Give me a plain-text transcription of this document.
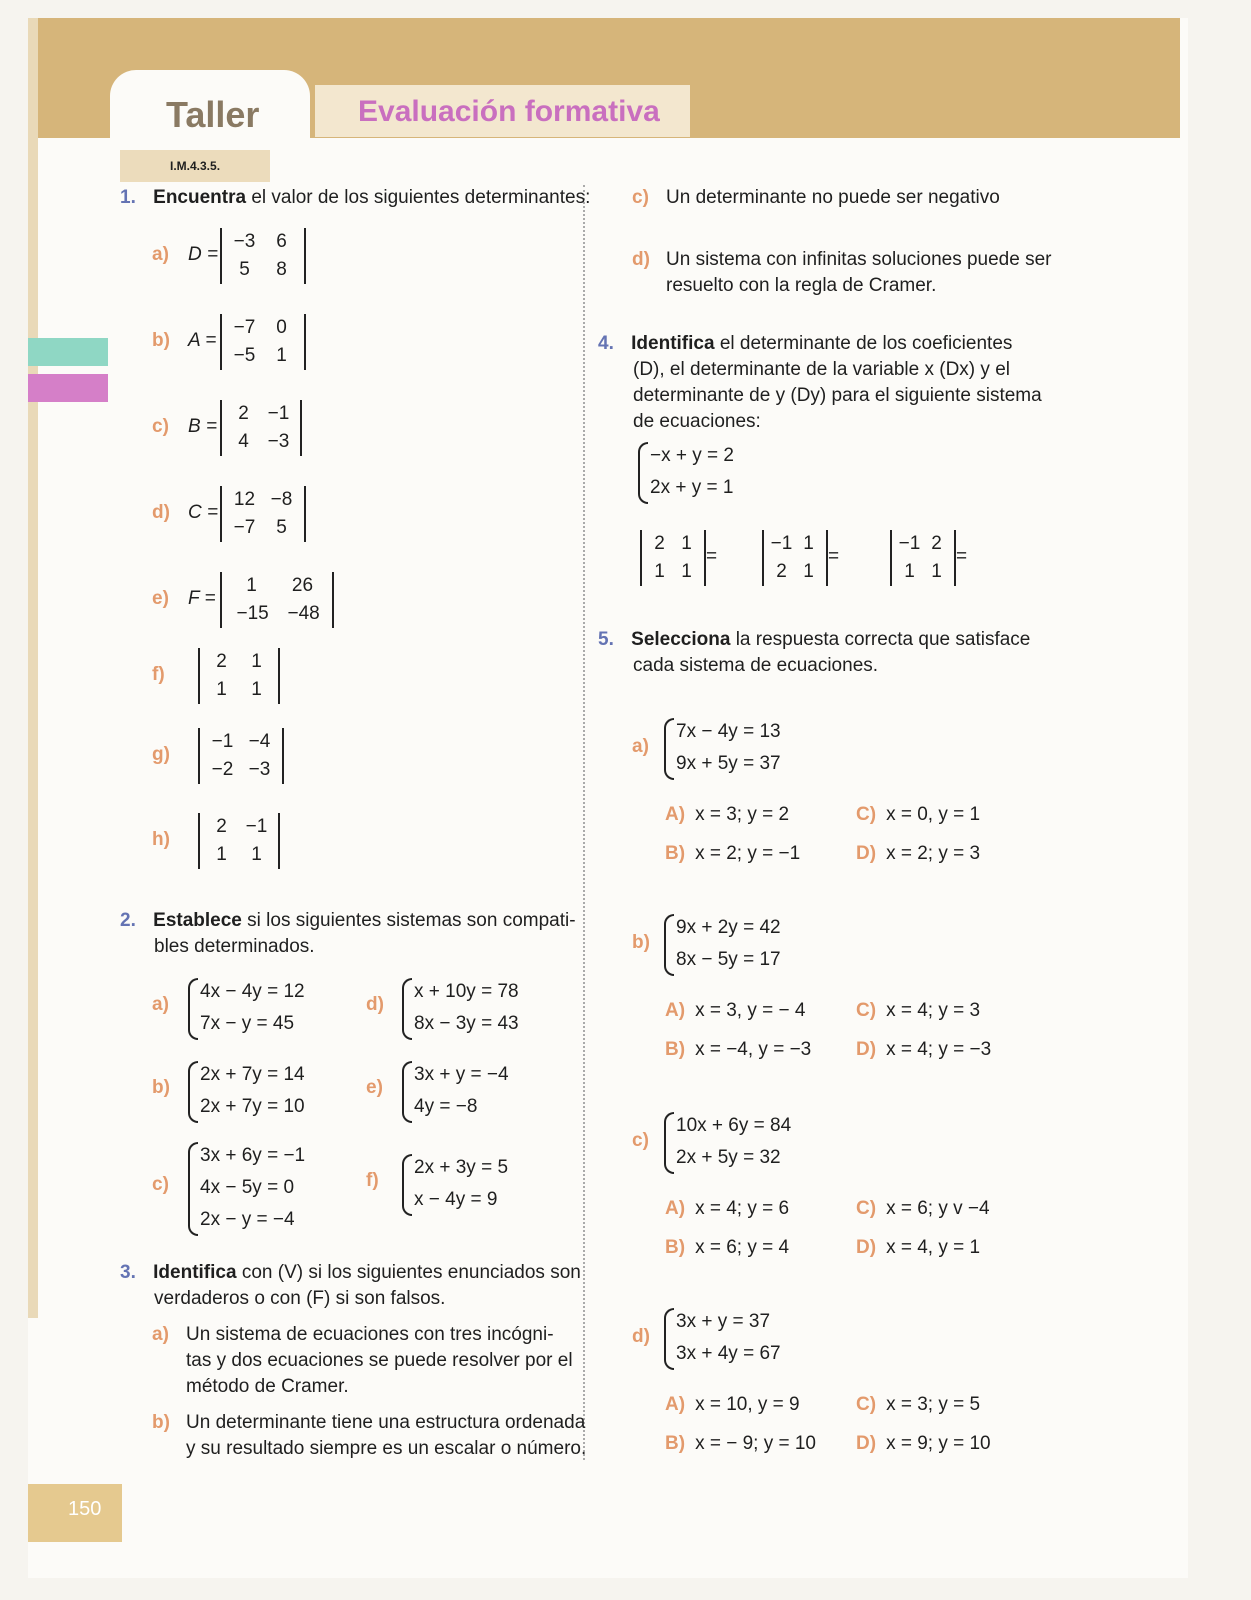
Taller	Evaluación formativa
I.M.4.3.5.
150
1. Encuentra el valor de los siguientes determinantes:
a) D =
−3	6
5	8
b) A =
−7	0
−5	1
c) B =
2 −1
4 −3
d) C =
12 −8
−7	5
e) F =
1	26
−15 −48
f)
2	1
1	1
g)
−1 −4
−2 −3
h)
2 −1
1	1
2. Establece si los siguientes sistemas son compati-
bles determinados.
a)
4x − 4y = 12
7x − y = 45
d)
x + 10y = 78
8x − 3y = 43
b)
2x + 7y = 14
2x + 7y = 10
e)
3x + y = −4
4y = −8
c)
3x + 6y = −1
4x − 5y = 0
2x − y = −4
f)
2x + 3y = 5
x − 4y = 9
3. Identifica con (V) si los siguientes enunciados son
verdaderos o con (F) si son falsos.
a) Un sistema de ecuaciones con tres incógni-
tas y dos ecuaciones se puede resolver por el
método de Cramer.
b) Un determinante tiene una estructura ordenada
y su resultado siempre es un escalar o número.
c) Un determinante no puede ser negativo
d) Un sistema con infinitas soluciones puede ser
resuelto con la regla de Cramer.
4. Identifica el determinante de los coeficientes
(D), el determinante de la variable x (Dx) y el
determinante de y (Dy) para el siguiente sistema
de ecuaciones:
−x + y = 2
2x + y = 1
2 1
1 1
=
−1 1
2 1
=
−1 2
1 1
=
5. Selecciona la respuesta correcta que satisface
cada sistema de ecuaciones.
a)
7x − 4y = 13
9x + 5y = 37
A) x = 3; y = 2	C) x = 0, y = 1
B) x = 2; y = −1	D) x = 2; y = 3
b)
9x + 2y = 42
8x − 5y = 17
A) x = 3, y = − 4	C) x = 4; y = 3
B) x = −4, y = −3 D) x = 4; y = −3
c)
10x + 6y = 84
2x + 5y = 32
A) x = 4; y = 6	C) x = 6; y v −4
B) x = 6; y = 4	D) x = 4, y = 1
d)
3x + y = 37
3x + 4y = 67
A) x = 10, y = 9	C) x = 3; y = 5
B) x = − 9; y = 10 D) x = 9; y = 10
